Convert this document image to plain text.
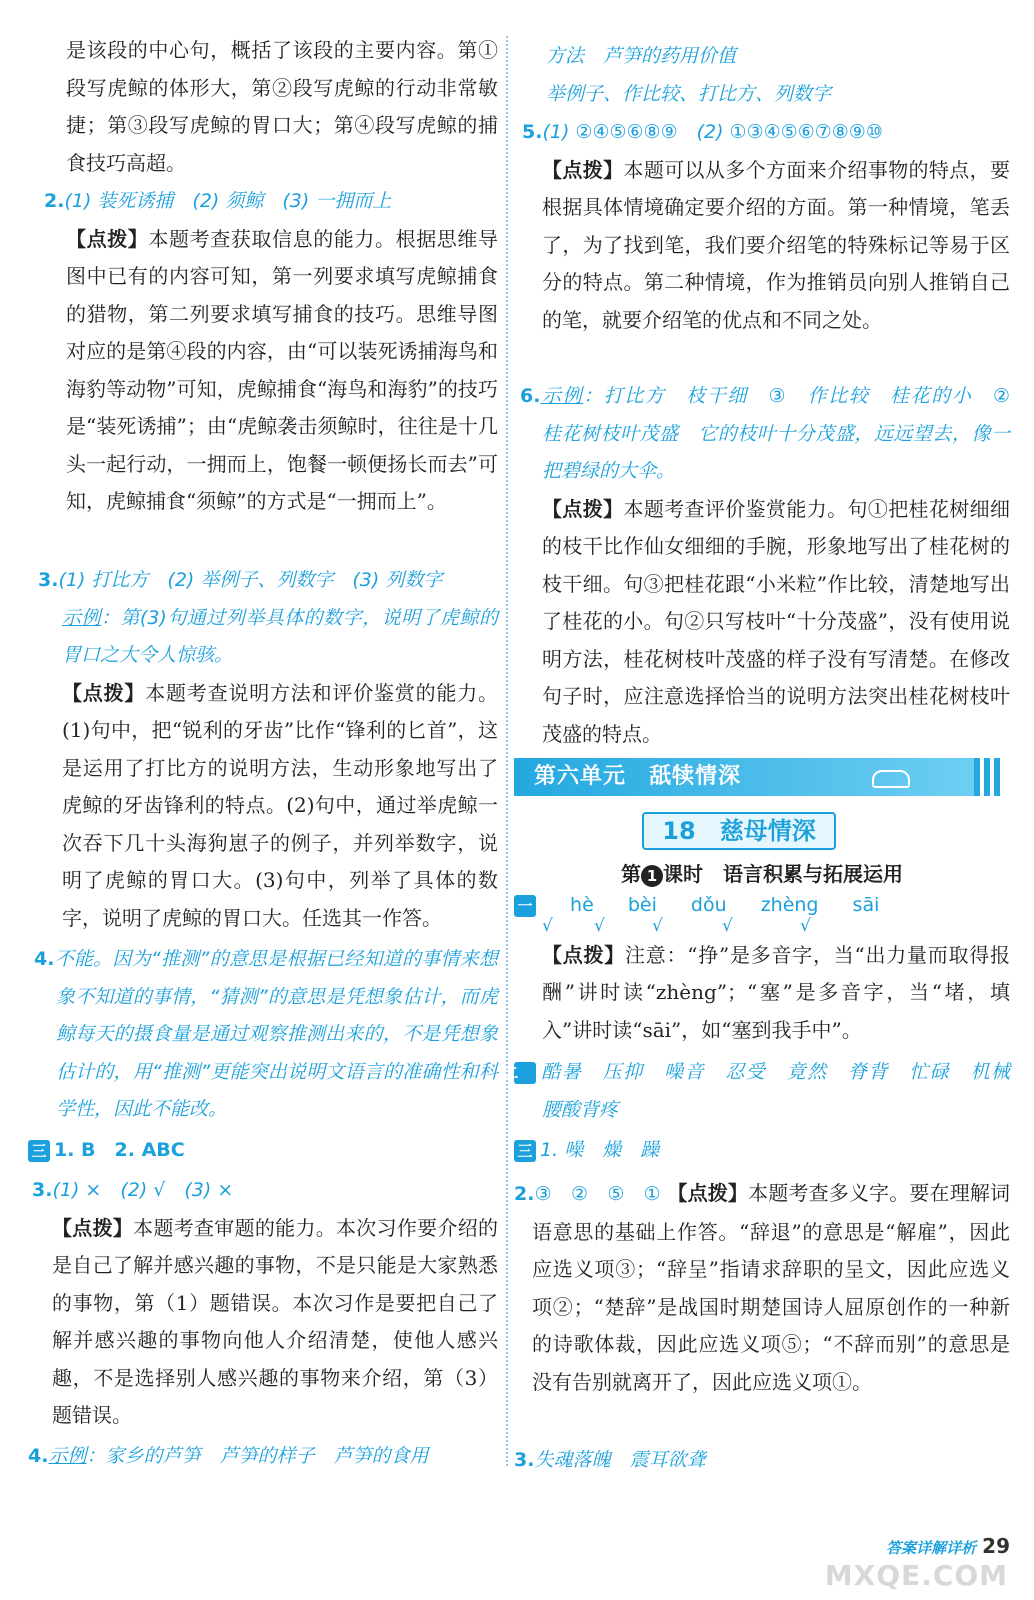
是该段的中心句，概括了该段的主要内容。第①段写虎鲸的体形大，第②段写虎鲸的行动非常敏捷；第③段写虎鲸的胃口大；第④段写虎鲸的捕食技巧高超。

2.(1) 装死诱捕　(2) 须鲸　(3) 一拥而上

【点拨】本题考查获取信息的能力。根据思维导图中已有的内容可知，第一列要求填写虎鲸捕食的猎物，第二列要求填写捕食的技巧。思维导图对应的是第④段的内容，由“可以装死诱捕海鸟和海豹等动物”可知，虎鲸捕食“海鸟和海豹”的技巧是“装死诱捕”；由“虎鲸袭击须鲸时，往往是十几头一起行动，一拥而上，饱餐一顿便扬长而去”可知，虎鲸捕食“须鲸”的方式是“一拥而上”。

3.(1) 打比方　(2) 举例子、列数字　(3) 列数字

示例：第(3)句通过列举具体的数字，说明了虎鲸的胃口之大令人惊骇。

【点拨】本题考查说明方法和评价鉴赏的能力。(1)句中，把“锐利的牙齿”比作“锋利的匕首”，这是运用了打比方的说明方法，生动形象地写出了虎鲸的牙齿锋利的特点。(2)句中，通过举虎鲸一次吞下几十头海狗崽子的例子，并列举数字，说明了虎鲸的胃口大。(3)句中，列举了具体的数字，说明了虎鲸的胃口大。任选其一作答。

4.不能。因为“推测”的意思是根据已经知道的事情来想象不知道的事情，“猜测”的意思是凭想象估计，而虎鲸每天的摄食量是通过观察推测出来的，不是凭想象估计的，用“推测”更能突出说明文语言的准确性和科学性，因此不能改。

三 1. B　2. ABC

3.(1) ×　(2) √　(3) ×

【点拨】本题考查审题的能力。本次习作要介绍的是自己了解并感兴趣的事物，不是只能是大家熟悉的事物，第（1）题错误。本次习作是要把自己了解并感兴趣的事物向他人介绍清楚，使他人感兴趣，不是选择别人感兴趣的事物来介绍，第（3）题错误。

4.示例：家乡的芦笋　芦笋的样子　芦笋的食用

方法　芦笋的药用价值

举例子、作比较、打比方、列数字

5.(1) ②④⑤⑥⑧⑨　(2) ①③④⑤⑥⑦⑧⑨⑩

【点拨】本题可以从多个方面来介绍事物的特点，要根据具体情境确定要介绍的方面。第一种情境，笔丢了，为了找到笔，我们要介绍笔的特殊标记等易于区分的特点。第二种情境，作为推销员向别人推销自己的笔，就要介绍笔的优点和不同之处。

6.示例：打比方　枝干细　③　作比较　桂花的小　②　桂花树枝叶茂盛　它的枝叶十分茂盛，远远望去，像一把碧绿的大伞。

【点拨】本题考查评价鉴赏能力。句①把桂花树细细的枝干比作仙女细细的手腕，形象地写出了桂花树的枝干细。句③把桂花跟“小米粒”作比较，清楚地写出了桂花的小。句②只写枝叶“十分茂盛”，没有使用说明方法，桂花树枝叶茂盛的样子没有写清楚。在修改句子时，应注意选择恰当的说明方法突出桂花树枝叶茂盛的特点。

第六单元　舐犊情深
18　慈母情深
第 1 课时　语言积累与拓展运用
一 hè bèi dǒu zhèng sāi
√ √	√	√	√

【点拨】注意：“挣”是多音字，当“出力量而取得报酬”讲时读“zhèng”；“塞”是多音字，当“堵，填入”讲时读“sāi”，如“塞到我手中”。

二 酷暑　压抑　噪音　忍受　竟然　脊背　忙碌　机械　腰酸背疼

三 1. 噪　燥　躁

2.③　②　⑤　① 【点拨】本题考查多义字。要在理解词语意思的基础上作答。“辞退”的意思是“解雇”，因此应选义项③；“辞呈”指请求辞职的呈文，因此应选义项②；“楚辞”是战国时期楚国诗人屈原创作的一种新的诗歌体裁，因此应选义项⑤；“不辞而别”的意思是没有告别就离开了，因此应选义项①。

3.失魂落魄　震耳欲聋

答案详解详析 29
MXQE.COM
